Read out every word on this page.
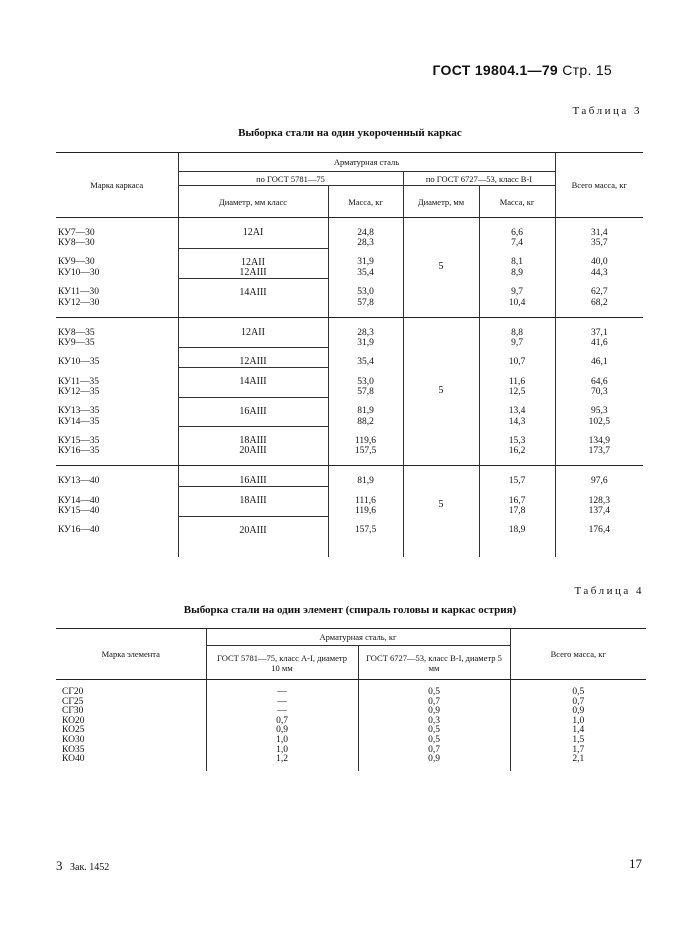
ГОСТ 19804.1—79 Стр. 15
Таблица 3
Выборка стали на один укороченный каркас
Марка каркаса	Арматурная сталь				Всего масса, кг
	по ГОСТ 5781—75		по ГОСТ 6727—53, класс В-I		
	Диаметр, мм класс	Масса, кг	Диаметр, мм	Масса, кг	
КУ7—30	12AI	24,8	5	6,6	31,4
КУ8—30		28,3		7,4	35,7
КУ9—30	12AII	31,9		8,1	40,0
КУ10—30	12AIII	35,4		8,9	44,3
КУ11—30	14AIII	53,0		9,7	62,7
КУ12—30		57,8		10,4	68,2
КУ8—35	12AII	28,3	5	8,8	37,1
КУ9—35		31,9		9,7	41,6
КУ10—35	12AIII	35,4		10,7	46,1
КУ11—35	14AIII	53,0		11,6	64,6
КУ12—35		57,8		12,5	70,3
КУ13—35	16AIII	81,9		13,4	95,3
КУ14—35		88,2		14,3	102,5
КУ15—35	18AIII	119,6		15,3	134,9
КУ16—35	20AIII	157,5		16,2	173,7
КУ13—40	16AIII	81,9	5	15,7	97,6
КУ14—40	18AIII	111,6		16,7	128,3
КУ15—40		119,6		17,8	137,4
КУ16—40	20AIII	157,5		18,9	176,4

Таблица 4
Выборка стали на один элемент (спираль головы и каркас острия)
Марка элемента	Арматурная сталь, кг		Всего масса, кг
	ГОСТ 5781—75, класс А-I, диаметр 10 мм	ГОСТ 6727—53, класс В-I, диаметр 5 мм	
СГ20	—	0,5	0,5
СГ25	—	0,7	0,7
СГ30	—	0,9	0,9
КО20	0,7	0,3	1,0
КО25	0,9	0,5	1,4
КО30	1,0	0,5	1,5
КО35	1,0	0,7	1,7
КО40	1,2	0,9	2,1

3 Зак. 1452	17
